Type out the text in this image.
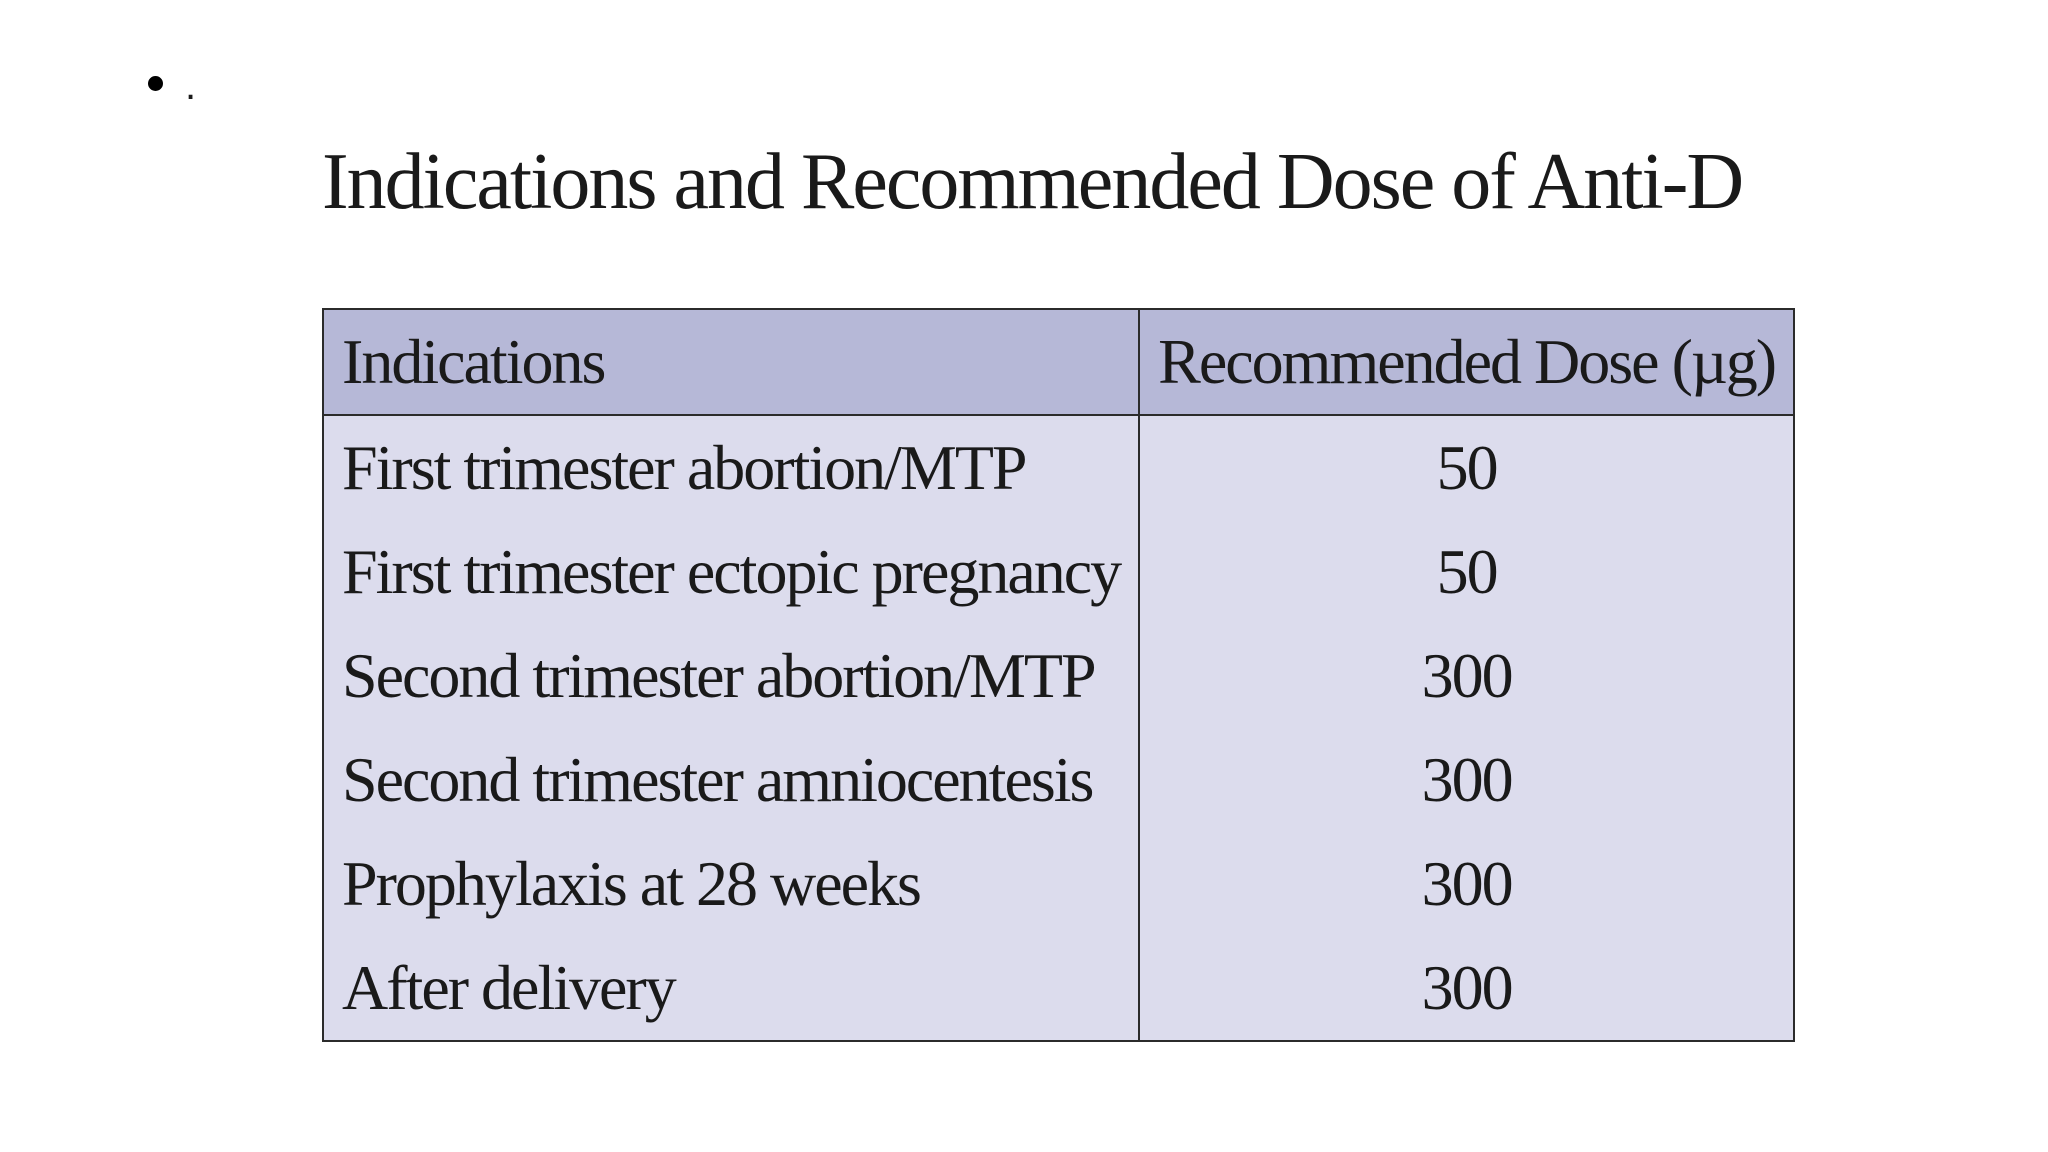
.
Indications and Recommended Dose of Anti-D
Indications	Recommended Dose (µg)
First trimester abortion/MTP	50
First trimester ectopic pregnancy	50
Second trimester abortion/MTP	300
Second trimester amniocentesis	300
Prophylaxis at 28 weeks	300
After delivery	300
